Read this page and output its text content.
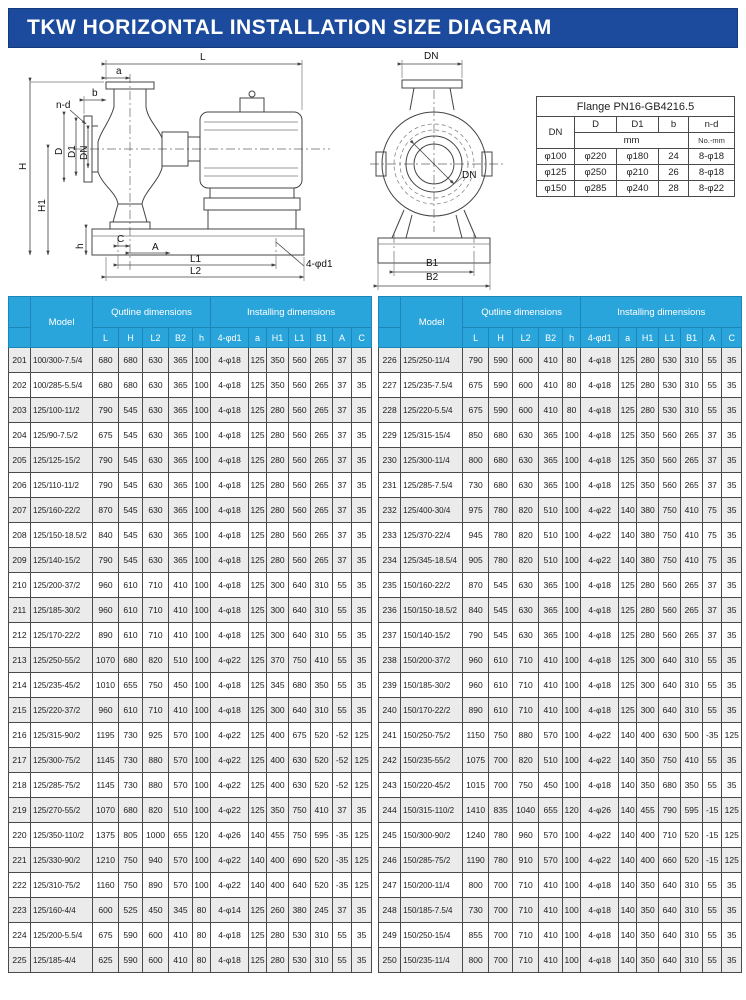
TKW HORIZONTAL INSTALLATION SIZE DIAGRAM
L
a
b
n-d
H
D D1 DN
H1
h
C
A
L1
L2
4-φd1
DN
DN
B1
B2
Flange PN16-GB4216.5				
DN	D	D1	b	n-d
	mm			No.-mm
φ100	φ220	φ180	24	8-φ18
φ125	φ250	φ210	26	8-φ18
φ150	φ285	φ240	28	8-φ22
	Model	Qutline dimensions					Installing dimensions						
		L	H	L2	B2	h	4-φd1	a	H1	L1	B1	A	C
201	100/300-7.5/4	680	680	630	365	100	4-φ18	125	350	560	265	37	35
202	100/285-5.5/4	680	680	630	365	100	4-φ18	125	350	560	265	37	35
203	125/100-11/2	790	545	630	365	100	4-φ18	125	280	560	265	37	35
204	125/90-7.5/2	675	545	630	365	100	4-φ18	125	280	560	265	37	35
205	125/125-15/2	790	545	630	365	100	4-φ18	125	280	560	265	37	35
206	125/110-11/2	790	545	630	365	100	4-φ18	125	280	560	265	37	35
207	125/160-22/2	870	545	630	365	100	4-φ18	125	280	560	265	37	35
208	125/150-18.5/2	840	545	630	365	100	4-φ18	125	280	560	265	37	35
209	125/140-15/2	790	545	630	365	100	4-φ18	125	280	560	265	37	35
210	125/200-37/2	960	610	710	410	100	4-φ18	125	300	640	310	55	35
211	125/185-30/2	960	610	710	410	100	4-φ18	125	300	640	310	55	35
212	125/170-22/2	890	610	710	410	100	4-φ18	125	300	640	310	55	35
213	125/250-55/2	1070	680	820	510	100	4-φ22	125	370	750	410	55	35
214	125/235-45/2	1010	655	750	450	100	4-φ18	125	345	680	350	55	35
215	125/220-37/2	960	610	710	410	100	4-φ18	125	300	640	310	55	35
216	125/315-90/2	1195	730	925	570	100	4-φ22	125	400	675	520	-52	125
217	125/300-75/2	1145	730	880	570	100	4-φ22	125	400	630	520	-52	125
218	125/285-75/2	1145	730	880	570	100	4-φ22	125	400	630	520	-52	125
219	125/270-55/2	1070	680	820	510	100	4-φ22	125	350	750	410	37	35
220	125/350-110/2	1375	805	1000	655	120	4-φ26	140	455	750	595	-35	125
221	125/330-90/2	1210	750	940	570	100	4-φ22	140	400	690	520	-35	125
222	125/310-75/2	1160	750	890	570	100	4-φ22	140	400	640	520	-35	125
223	125/160-4/4	600	525	450	345	80	4-φ14	125	260	380	245	37	35
224	125/200-5.5/4	675	590	600	410	80	4-φ18	125	280	530	310	55	35
225	125/185-4/4	625	590	600	410	80	4-φ18	125	280	530	310	55	35
	Model	Qutline dimensions					Installing dimensions						
		L	H	L2	B2	h	4-φd1	a	H1	L1	B1	A	C
226	125/250-11/4	790	590	600	410	80	4-φ18	125	280	530	310	55	35
227	125/235-7.5/4	675	590	600	410	80	4-φ18	125	280	530	310	55	35
228	125/220-5.5/4	675	590	600	410	80	4-φ18	125	280	530	310	55	35
229	125/315-15/4	850	680	630	365	100	4-φ18	125	350	560	265	37	35
230	125/300-11/4	800	680	630	365	100	4-φ18	125	350	560	265	37	35
231	125/285-7.5/4	730	680	630	365	100	4-φ18	125	350	560	265	37	35
232	125/400-30/4	975	780	820	510	100	4-φ22	140	380	750	410	75	35
233	125/370-22/4	945	780	820	510	100	4-φ22	140	380	750	410	75	35
234	125/345-18.5/4	905	780	820	510	100	4-φ22	140	380	750	410	75	35
235	150/160-22/2	870	545	630	365	100	4-φ18	125	280	560	265	37	35
236	150/150-18.5/2	840	545	630	365	100	4-φ18	125	280	560	265	37	35
237	150/140-15/2	790	545	630	365	100	4-φ18	125	280	560	265	37	35
238	150/200-37/2	960	610	710	410	100	4-φ18	125	300	640	310	55	35
239	150/185-30/2	960	610	710	410	100	4-φ18	125	300	640	310	55	35
240	150/170-22/2	890	610	710	410	100	4-φ18	125	300	640	310	55	35
241	150/250-75/2	1150	750	880	570	100	4-φ22	140	400	630	500	-35	125
242	150/235-55/2	1075	700	820	510	100	4-φ22	140	350	750	410	55	35
243	150/220-45/2	1015	700	750	450	100	4-φ18	140	350	680	350	55	35
244	150/315-110/2	1410	835	1040	655	120	4-φ26	140	455	790	595	-15	125
245	150/300-90/2	1240	780	960	570	100	4-φ22	140	400	710	520	-15	125
246	150/285-75/2	1190	780	910	570	100	4-φ22	140	400	660	520	-15	125
247	150/200-11/4	800	700	710	410	100	4-φ18	140	350	640	310	55	35
248	150/185-7.5/4	730	700	710	410	100	4-φ18	140	350	640	310	55	35
249	150/250-15/4	855	700	710	410	100	4-φ18	140	350	640	310	55	35
250	150/235-11/4	800	700	710	410	100	4-φ18	140	350	640	310	55	35
